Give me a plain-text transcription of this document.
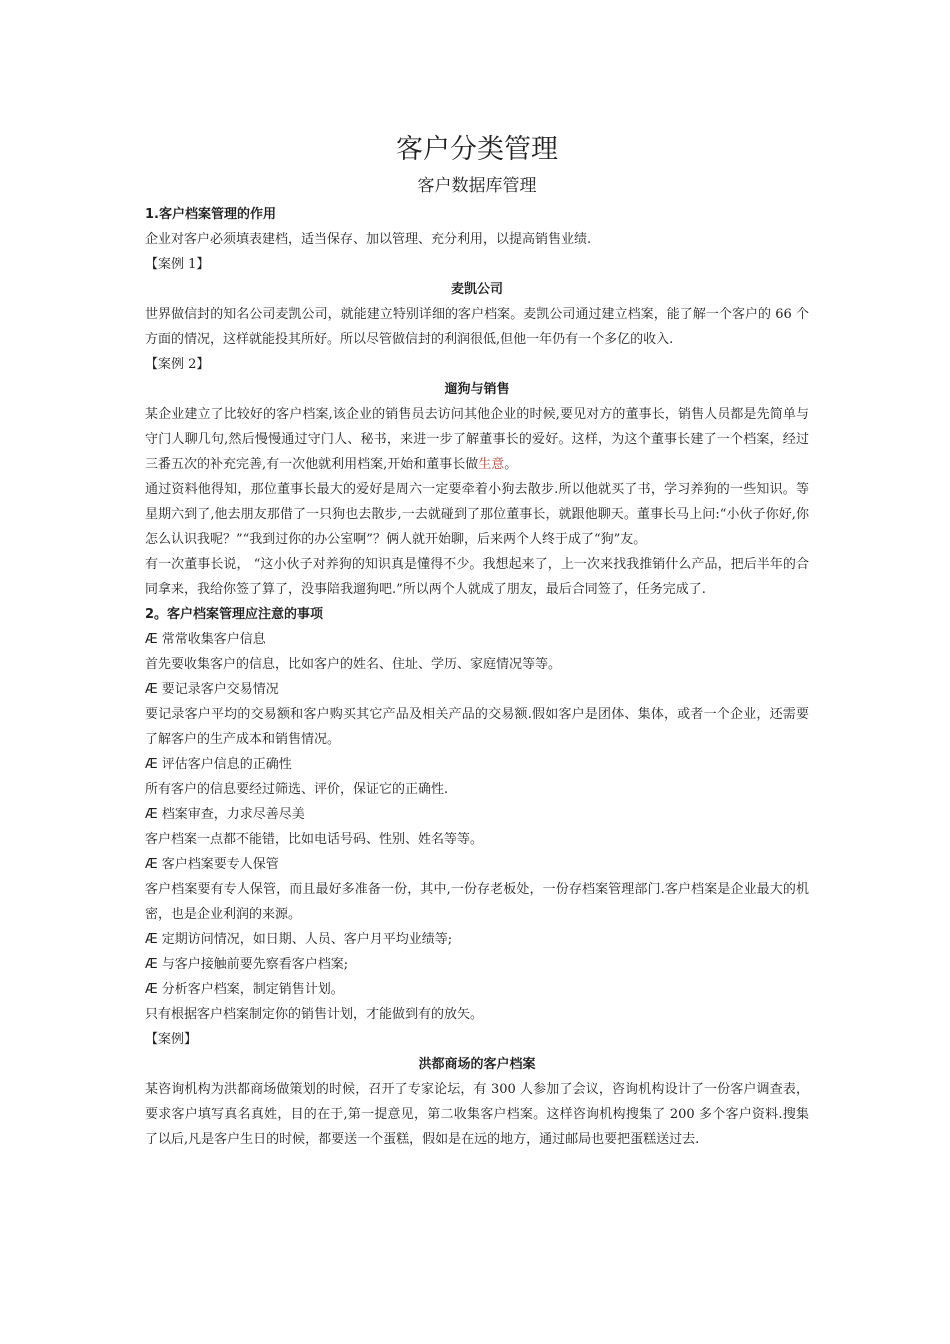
客户分类管理
客户数据库管理
1.客户档案管理的作用

企业对客户必须填表建档，适当保存、加以管理、充分利用，以提高销售业绩.

【案例 1】

麦凯公司

世界做信封的知名公司麦凯公司，就能建立特别详细的客户档案。麦凯公司通过建立档案，能了解一个客户的 66 个方面的情况，这样就能投其所好。所以尽管做信封的利润很低,但他一年仍有一个多亿的收入.

【案例 2】

遛狗与销售

某企业建立了比较好的客户档案,该企业的销售员去访问其他企业的时候,要见对方的董事长，销售人员都是先简单与守门人聊几句,然后慢慢通过守门人、秘书，来进一步了解董事长的爱好。这样，为这个董事长建了一个档案，经过三番五次的补充完善,有一次他就利用档案,开始和董事长做生意。

通过资料他得知，那位董事长最大的爱好是周六一定要牵着小狗去散步.所以他就买了书，学习养狗的一些知识。等星期六到了,他去朋友那借了一只狗也去散步,一去就碰到了那位董事长，就跟他聊天。董事长马上问:“小伙子你好,你怎么认识我呢？”“我到过你的办公室啊”？俩人就开始聊，后来两个人终于成了“狗”友。

有一次董事长说， “这小伙子对养狗的知识真是懂得不少。我想起来了，上一次来找我推销什么产品，把后半年的合同拿来，我给你签了算了，没事陪我遛狗吧.”所以两个人就成了朋友，最后合同签了，任务完成了.

2。客户档案管理应注意的事项

Æ 常常收集客户信息

首先要收集客户的信息，比如客户的姓名、住址、学历、家庭情况等等。

Æ 要记录客户交易情况

要记录客户平均的交易额和客户购买其它产品及相关产品的交易额.假如客户是团体、集体，或者一个企业，还需要了解客户的生产成本和销售情况。

Æ 评估客户信息的正确性

所有客户的信息要经过筛选、评价，保证它的正确性.

Æ 档案审查，力求尽善尽美

客户档案一点都不能错，比如电话号码、性别、姓名等等。

Æ 客户档案要专人保管

客户档案要有专人保管，而且最好多准备一份，其中,一份存老板处，一份存档案管理部门.客户档案是企业最大的机密，也是企业利润的来源。

Æ 定期访问情况，如日期、人员、客户月平均业绩等;

Æ 与客户接触前要先察看客户档案;

Æ 分析客户档案，制定销售计划。

只有根据客户档案制定你的销售计划，才能做到有的放矢。

【案例】

洪都商场的客户档案

某咨询机构为洪都商场做策划的时候，召开了专家论坛，有 300 人参加了会议，咨询机构设计了一份客户调查表，要求客户填写真名真姓，目的在于,第一提意见，第二收集客户档案。这样咨询机构搜集了 200 多个客户资料.搜集了以后,凡是客户生日的时候，都要送一个蛋糕，假如是在远的地方，通过邮局也要把蛋糕送过去.
